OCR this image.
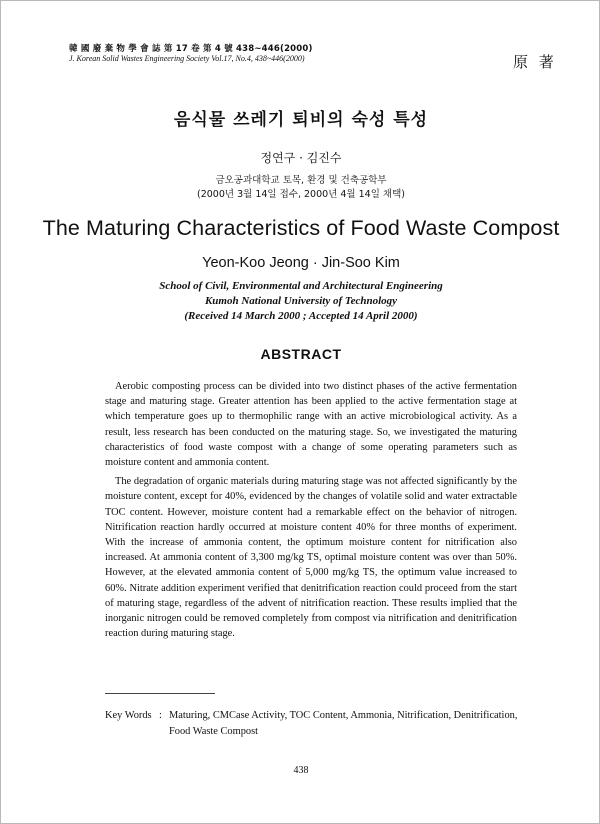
韓 國 廢 棄 物 學 會 誌 第 17 卷 第 4 號 438~446(2000)
J. Korean Solid Wastes Engineering Society Vol.17, No.4, 438~446(2000)	原 著
음식물 쓰레기 퇴비의 숙성 특성
정연구 · 김진수
금오공과대학교 토목, 환경 및 건축공학부
(2000년 3월 14일 접수, 2000년 4월 14일 채택)
The Maturing Characteristics of Food Waste Compost
Yeon-Koo Jeong · Jin-Soo Kim
School of Civil, Environmental and Architectural Engineering
Kumoh National University of Technology
(Received 14 March 2000 ; Accepted 14 April 2000)
ABSTRACT

Aerobic composting process can be divided into two distinct phases of the active fermentation stage and maturing stage. Greater attention has been applied to the active fermentation stage at which temperature goes up to thermophilic range with an active microbiological activity. As a result, less research has been conducted on the maturing stage. So, we investigated the maturing characteristics of food waste compost with a change of some operating parameters such as moisture content and ammonia content.

The degradation of organic materials during maturing stage was not affected significantly by the moisture content, except for 40%, evidenced by the changes of volatile solid and water extractable TOC content. However, moisture content had a remarkable effect on the behavior of nitrogen. Nitrification reaction hardly occurred at moisture content 40% for three months of experiment. With the increase of ammonia content, the optimum moisture content for nitrification also increased. At ammonia content of 3,300 mg/kg TS, optimal moisture content was over than 50%. However, at the elevated ammonia content of 5,000 mg/kg TS, the optimum value increased to 60%. Nitrate addition experiment verified that denitrification reaction could proceed from the start of maturing stage, regardless of the advent of nitrification reaction. These results implied that the inorganic nitrogen could be removed completely from compost via nitrification and denitrification reaction during maturing stage.

Key Words : Maturing, CMCase Activity, TOC Content, Ammonia, Nitrification, Denitrification, Food Waste Compost
438
